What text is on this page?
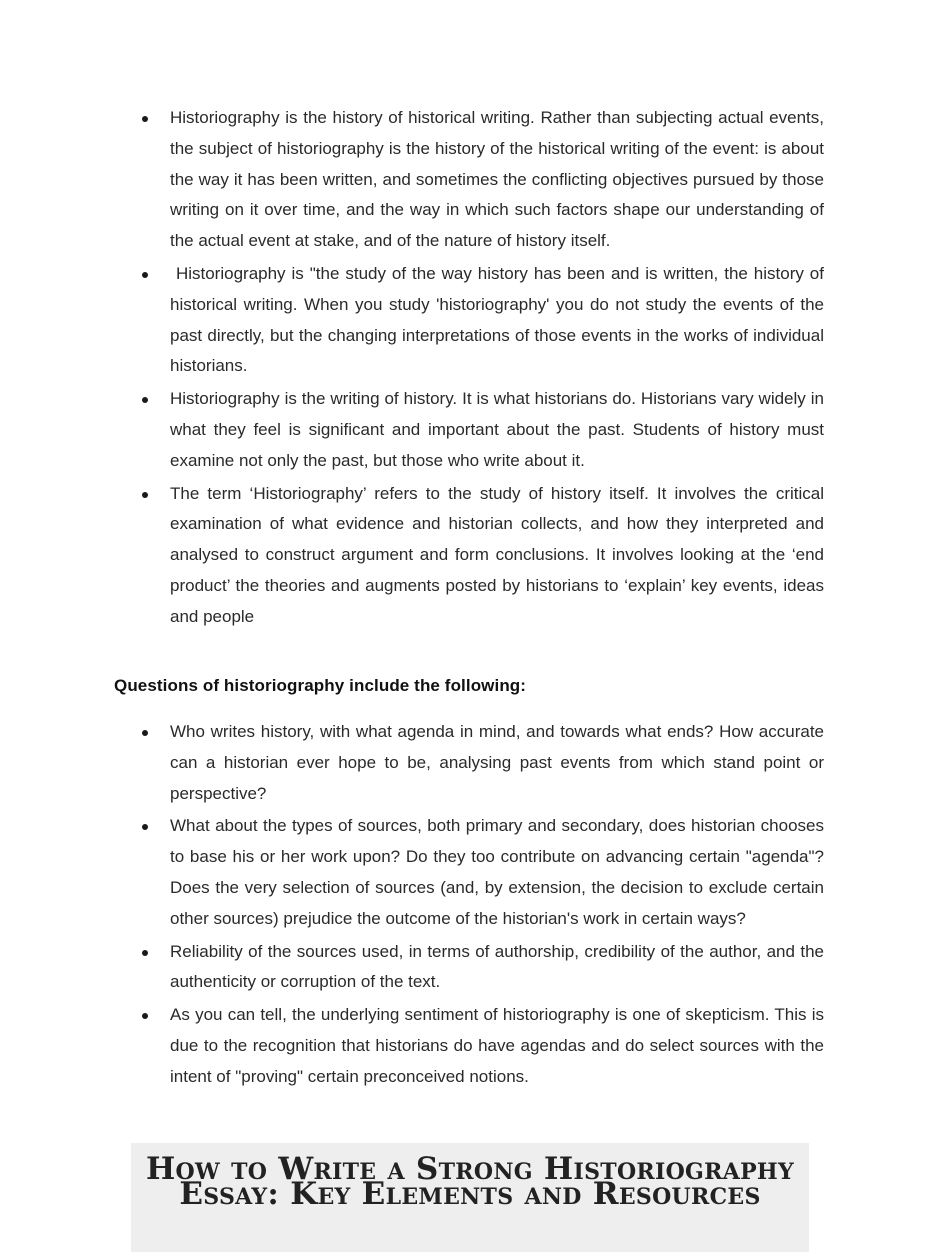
Historiography is the history of historical writing. Rather than subjecting actual events, the subject of historiography is the history of the historical writing of the event: is about the way it has been written, and sometimes the conflicting objectives pursued by those writing on it over time, and the way in which such factors shape our understanding of the actual event at stake, and of the nature of history itself.
Historiography is "the study of the way history has been and is written, the history of historical writing. When you study 'historiography' you do not study the events of the past directly, but the changing interpretations of those events in the works of individual historians.
Historiography is the writing of history. It is what historians do. Historians vary widely in what they feel is significant and important about the past. Students of history must examine not only the past, but those who write about it.
The term ‘Historiography’ refers to the study of history itself. It involves the critical examination of what evidence and historian collects, and how they interpreted and analysed to construct argument and form conclusions. It involves looking at the ‘end product’ the theories and augments posted by historians to ‘explain’ key events, ideas and people
Questions of historiography include the following:
Who writes history, with what agenda in mind, and towards what ends? How accurate can a historian ever hope to be, analysing past events from which stand point or perspective?
What about the types of sources, both primary and secondary, does historian chooses to base his or her work upon? Do they too contribute on advancing certain "agenda"? Does the very selection of sources (and, by extension, the decision to exclude certain other sources) prejudice the outcome of the historian's work in certain ways?
Reliability of the sources used, in terms of authorship, credibility of the author, and the authenticity or corruption of the text.
As you can tell, the underlying sentiment of historiography is one of skepticism. This is due to the recognition that historians do have agendas and do select sources with the intent of "proving" certain preconceived notions.
How to Write a Strong Historiography Essay: Key Elements and Resources
